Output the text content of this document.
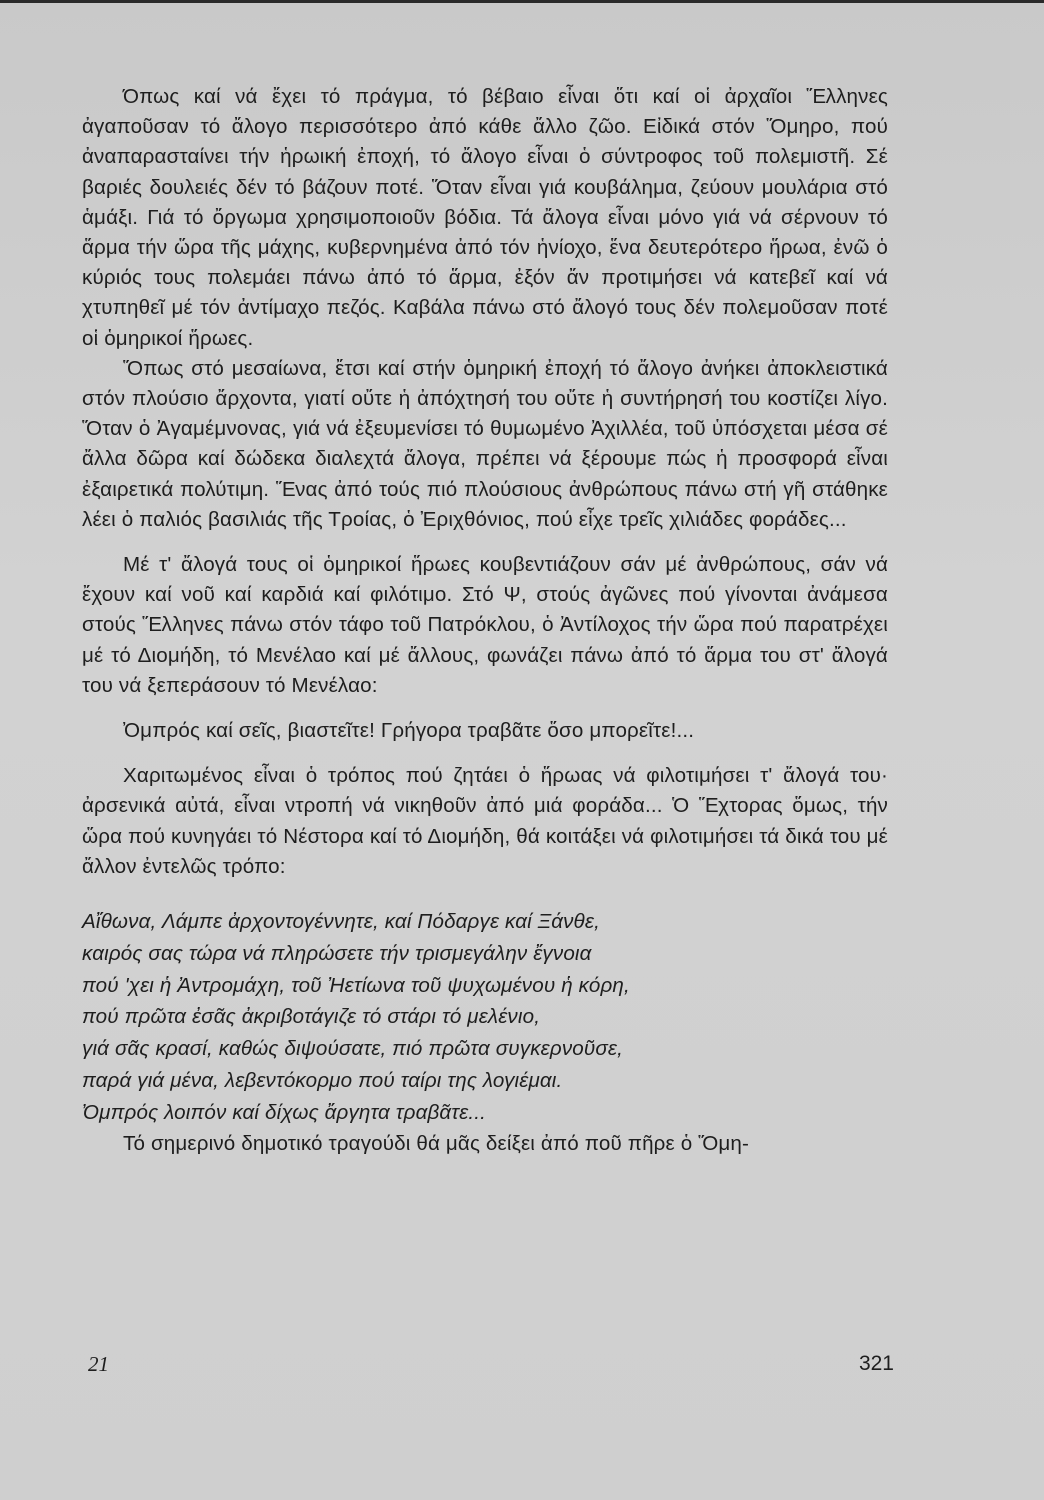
Όπως καί νά ἔχει τό πράγμα, τό βέβαιο εἶναι ὅτι καί οἱ ἀρχαῖοι Ἕλληνες ἀγαποῦσαν τό ἄλογο περισσότερο ἀπό κάθε ἄλλο ζῶο. Εἰδικά στόν Ὅμηρο, πού ἀναπαρασταίνει τήν ἡρωική ἐποχή, τό ἄλογο εἶναι ὁ σύντροφος τοῦ πολεμιστῆ. Σέ βαριές δουλειές δέν τό βάζουν ποτέ. Ὅταν εἶναι γιά κουβάλημα, ζεύουν μουλάρια στό ἁμάξι. Γιά τό ὄργωμα χρησιμοποιοῦν βόδια. Τά ἄλογα εἶναι μόνο γιά νά σέρνουν τό ἅρμα τήν ὥρα τῆς μάχης, κυβερνημένα ἀπό τόν ἡνίοχο, ἕνα δευτερότερο ἥρωα, ἐνῶ ὁ κύριός τους πολεμάει πάνω ἀπό τό ἅρμα, ἐξόν ἄν προτιμήσει νά κατεβεῖ καί νά χτυπηθεῖ μέ τόν ἀντίμαχο πεζός. Καβάλα πάνω στό ἄλογό τους δέν πολεμοῦσαν ποτέ οἱ ὁμηρικοί ἥρωες.

Ὅπως στό μεσαίωνα, ἔτσι καί στήν ὁμηρική ἐποχή τό ἄλογο ἀνήκει ἀποκλειστικά στόν πλούσιο ἄρχοντα, γιατί οὔτε ἡ ἀπόχτησή του οὔτε ἡ συντήρησή του κοστίζει λίγο. Ὅταν ὁ Ἀγαμέμνονας, γιά νά ἐξευμενίσει τό θυμωμένο Ἀχιλλέα, τοῦ ὑπόσχεται μέσα σέ ἄλλα δῶρα καί δώδεκα διαλεχτά ἄλογα, πρέπει νά ξέρουμε πώς ἡ προσφορά εἶναι ἐξαιρετικά πολύτιμη. Ἕνας ἀπό τούς πιό πλούσιους ἀνθρώπους πάνω στή γῆ στάθηκε λέει ὁ παλιός βασιλιάς τῆς Τροίας, ὁ Ἐριχθόνιος, πού εἶχε τρεῖς χιλιάδες φοράδες...

Μέ τ' ἄλογά τους οἱ ὁμηρικοί ἥρωες κουβεντιάζουν σάν μέ ἀνθρώπους, σάν νά ἔχουν καί νοῦ καί καρδιά καί φιλότιμο. Στό Ψ, στούς ἀγῶνες πού γίνονται ἀνάμεσα στούς Ἕλληνες πάνω στόν τάφο τοῦ Πατρόκλου, ὁ Ἀντίλοχος τήν ὥρα πού παρατρέχει μέ τό Διομήδη, τό Μενέλαο καί μέ ἄλλους, φωνάζει πάνω ἀπό τό ἅρμα του στ' ἄλογά του νά ξεπεράσουν τό Μενέλαο:

Ὀμπρός καί σεῖς, βιαστεῖτε! Γρήγορα τραβᾶτε ὅσο μπορεῖτε!...

Χαριτωμένος εἶναι ὁ τρόπος πού ζητάει ὁ ἥρωας νά φιλοτιμήσει τ' ἄλογά του· ἀρσενικά αὐτά, εἶναι ντροπή νά νικηθοῦν ἀπό μιά φοράδα... Ὁ Ἕχτορας ὅμως, τήν ὥρα πού κυνηγάει τό Νέστορα καί τό Διομήδη, θά κοιτάξει νά φιλοτιμήσει τά δικά του μέ ἄλλον ἐντελῶς τρόπο:

Αἴθωνα, Λάμπε ἀρχοντογέννητε, καί Πόδαργε καί Ξάνθε,

καιρός σας τώρα νά πληρώσετε τήν τρισμεγάλην ἔγνοια

πού 'χει ἡ Ἀντρομάχη, τοῦ Ἠετίωνα τοῦ ψυχωμένου ἡ κόρη,

πού πρῶτα ἐσᾶς ἀκριβοτάγιζε τό στάρι τό μελένιο,

γιά σᾶς κρασί, καθώς διψούσατε, πιό πρῶτα συγκερνοῦσε,

παρά γιά μένα, λεβεντόκορμο πού ταίρι της λογιέμαι.

Ὀμπρός λοιπόν καί δίχως ἄργητα τραβᾶτε...

Τό σημερινό δημοτικό τραγούδι θά μᾶς δείξει ἀπό ποῦ πῆρε ὁ Ὅμη-

21	321
